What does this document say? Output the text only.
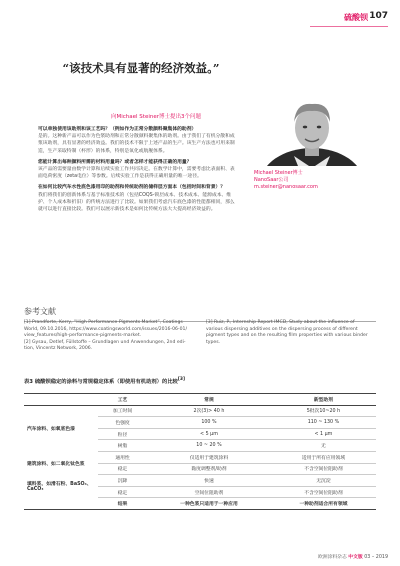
硫酸钡 107
“该技术具有显著的经济效益。”
向Michael Steiner博士提出3个问题

可以单独使用该助剂和该工艺吗？（例如作为正常分散颜料聚集体的助剂）

是的。这种新产品可以作为色浆助剂和正常分散颜料聚集体的助剂。由于我们了有机分散和成浆该助剂，具有显著的经济效益。我们的技术不限于上述产品的生产。该生产方法也可用来制造，生产采取特制（杯形）的体系，特别是氧化或航舰体系。

您能计算出每种颜料所需的材料用量吗？或者怎样才能获得正确的用量？

该产品的需要量由数学计算和后续实验工作共同决定。在数学计算中，需要考虑比表面积、表面电荷密度（zeta电位）等参数。后续实验工作是获得正确用量的唯一途径。

在如何比较汽车水性底色漆用印的助剂和传统助剂的储样层方面本（包括时间和背景）？

我们将我们的创新体系与基于标准技术的（包括COQS-锁层成本、技术成本、能源成本、维护、个人成本和折旧）的传统方法进行了比较。如果我们考虑汽车底色漆的性能都相同，那么就可以进行直接比较。我们可以展示新技术是如何比传统方法大大提高经济效益的。

Michael Steiner博士
NanoSaar公司
m.steiner@nanosaar.com
参考文献
[1] Prandforte, Kerry, “High Performance Pigments Market”, Coatings
World, 09.10.2016, https://www.coatingsworld.com/issues/2016-06-01/
view_features/high-performance-pigments-market.
[2] Gysau, Detlef, Füllstoffe – Grundlagen und Anwendungen, 2nd edi-
tion, Vincentz Network, 2006.
[3] Ruiz, P., Internship Report IMCD, Study about the influence of
various dispersing additives on the dispersing process of different
pigment types and on the resulting film properties with various binder
types.
表3 硫酸钡稳定的涂料与常规稳定体系（即使用有机助剂）的比较[3]
	工艺	常规	新型助剂
汽车涂料、如氧底色漆	加工时间	2次(3)> 40 h	5批次10~20 h
	色强度	100 %	110 ~ 130 %
	粒径	< 5 µm	< 1 µm
	树脂	10 ~ 20 %	无
建筑涂料、如二氧化钛色浆	通用性	仅适用于建筑涂料	适用于所有应用领域
	稳定	黏度调整剂/助剂	不含空间位阻助剂
填料浆、如滑石粉、BaSO₄、CaCO₃	沉降	快速	无沉淀
	稳定	空间位阻助剂	不含空间位阻助剂
	结果	一种色浆只适用于一种应用	一种助剂适合所有领域
欧洲涂料杂志 中文版 03 – 2019
